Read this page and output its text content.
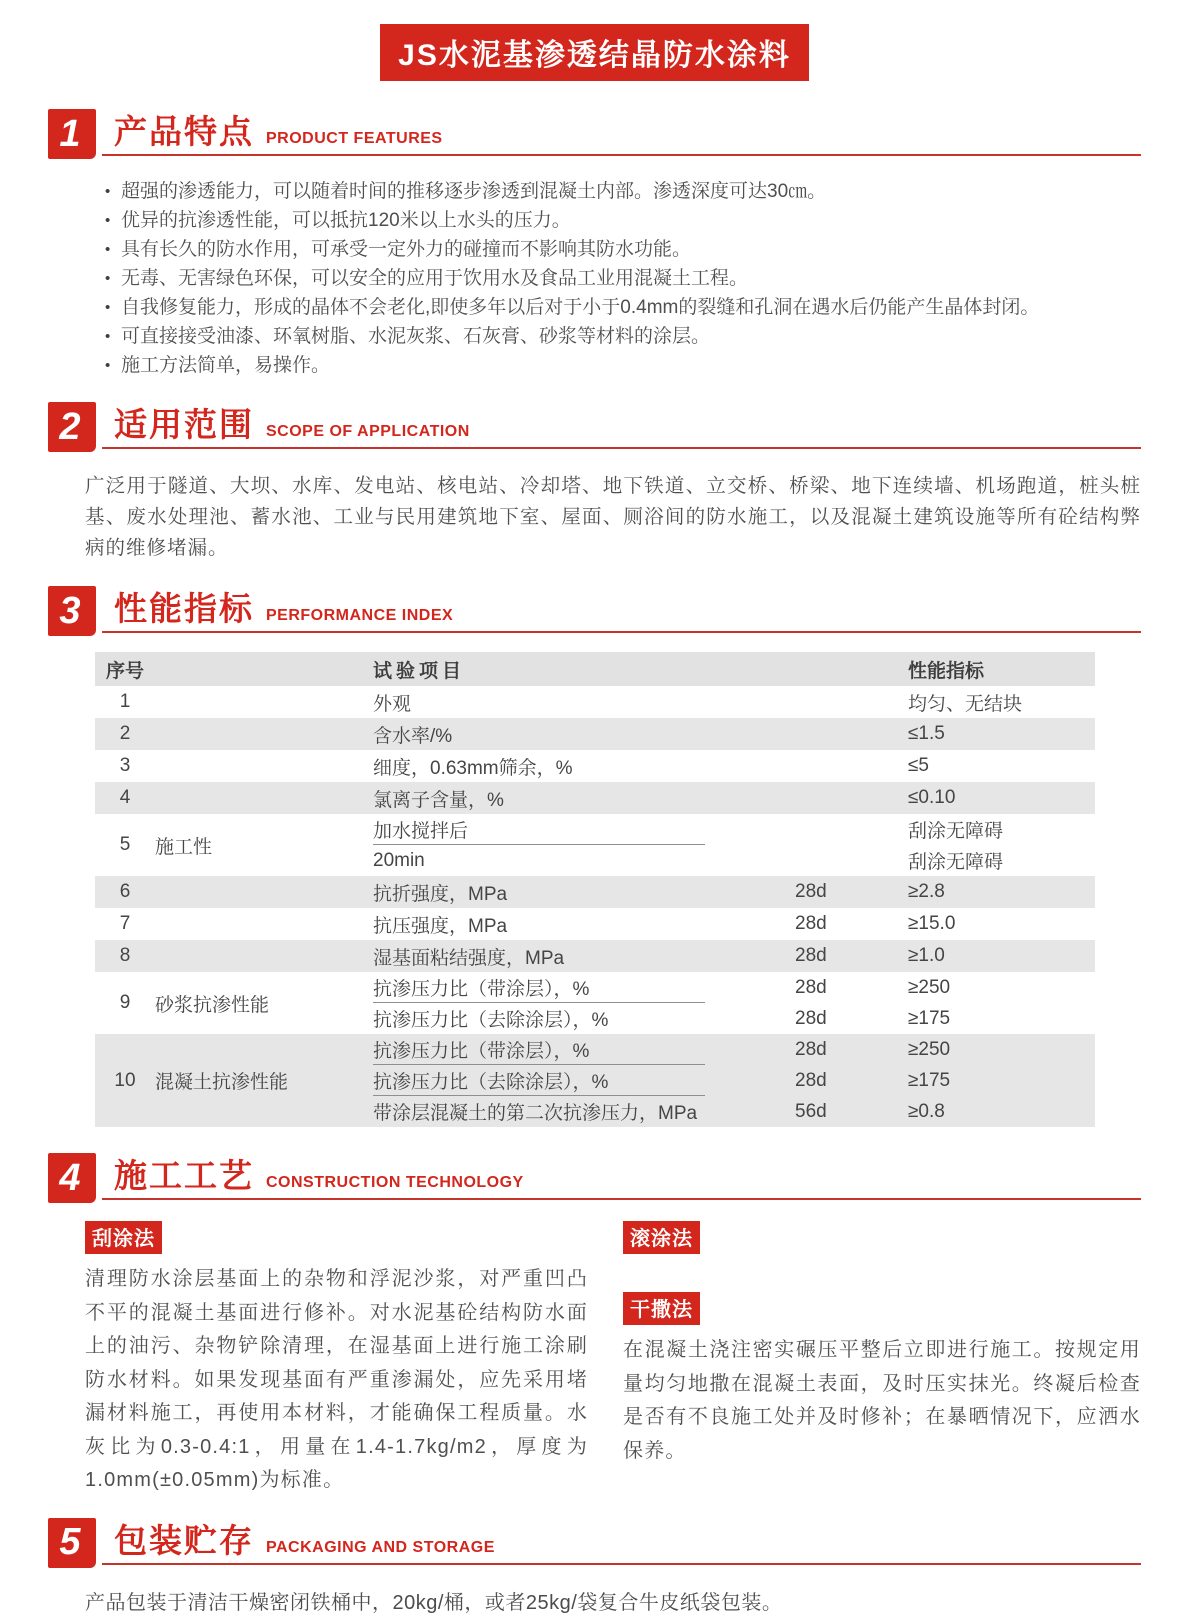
JS水泥基渗透结晶防水涂料
1	产品特点 PRODUCT FEATURES
• 超强的渗透能力，可以随着时间的推移逐步渗透到混凝土内部。渗透深度可达30㎝。
• 优异的抗渗透性能，可以抵抗120米以上水头的压力。
• 具有长久的防水作用，可承受一定外力的碰撞而不影响其防水功能。
• 无毒、无害绿色环保，可以安全的应用于饮用水及食品工业用混凝土工程。
• 自我修复能力，形成的晶体不会老化,即使多年以后对于小于0.4mm的裂缝和孔洞在遇水后仍能产生晶体封闭。
• 可直接接受油漆、环氧树脂、水泥灰浆、石灰膏、砂浆等材料的涂层。
• 施工方法简单，易操作。
2	适用范围 SCOPE OF APPLICATION
广泛用于隧道、大坝、水库、发电站、核电站、冷却塔、地下铁道、立交桥、桥梁、地下连续墙、机场跑道，桩头桩基、废水处理池、蓄水池、工业与民用建筑地下室、屋面、厕浴间的防水施工，以及混凝土建筑设施等所有砼结构弊病的维修堵漏。
3	性能指标 PERFORMANCE INDEX
序号	试验项目	性能指标
1	外观	均匀、无结块
2	含水率/%	≤1.5
3	细度，0.63mm筛余，%	≤5
4	氯离子含量，%	≤0.10
5	施工性
加水搅拌后	刮涂无障碍
20min	刮涂无障碍
6	抗折强度，MPa	28d	≥2.8
7	抗压强度，MPa	28d	≥15.0
8	湿基面粘结强度，MPa	28d	≥1.0
9	砂浆抗渗性能
抗渗压力比（带涂层），%	28d	≥250
抗渗压力比（去除涂层），%	28d	≥175
10	混凝土抗渗性能
抗渗压力比（带涂层），%	28d	≥250
抗渗压力比（去除涂层），%	28d	≥175
带涂层混凝土的第二次抗渗压力，MPa	56d	≥0.8
4	施工工艺 CONSTRUCTION TECHNOLOGY
刮涂法
清理防水涂层基面上的杂物和浮泥沙浆，对严重凹凸不平的混凝土基面进行修补。对水泥基砼结构防水面上的油污、杂物铲除清理，在湿基面上进行施工涂刷防水材料。如果发现基面有严重渗漏处，应先采用堵漏材料施工，再使用本材料，才能确保工程质量。水灰比为0.3-0.4:1，用量在1.4-1.7kg/m2，厚度为1.0mm(±0.05mm)为标准。
滚涂法
干撒法
在混凝土浇注密实碾压平整后立即进行施工。按规定用量均匀地撒在混凝土表面，及时压实抹光。终凝后检查是否有不良施工处并及时修补；在暴晒情况下，应洒水保养。
5	包装贮存 PACKAGING AND STORAGE
产品包装于清洁干燥密闭铁桶中，20kg/桶，或者25kg/袋复合牛皮纸袋包装。
